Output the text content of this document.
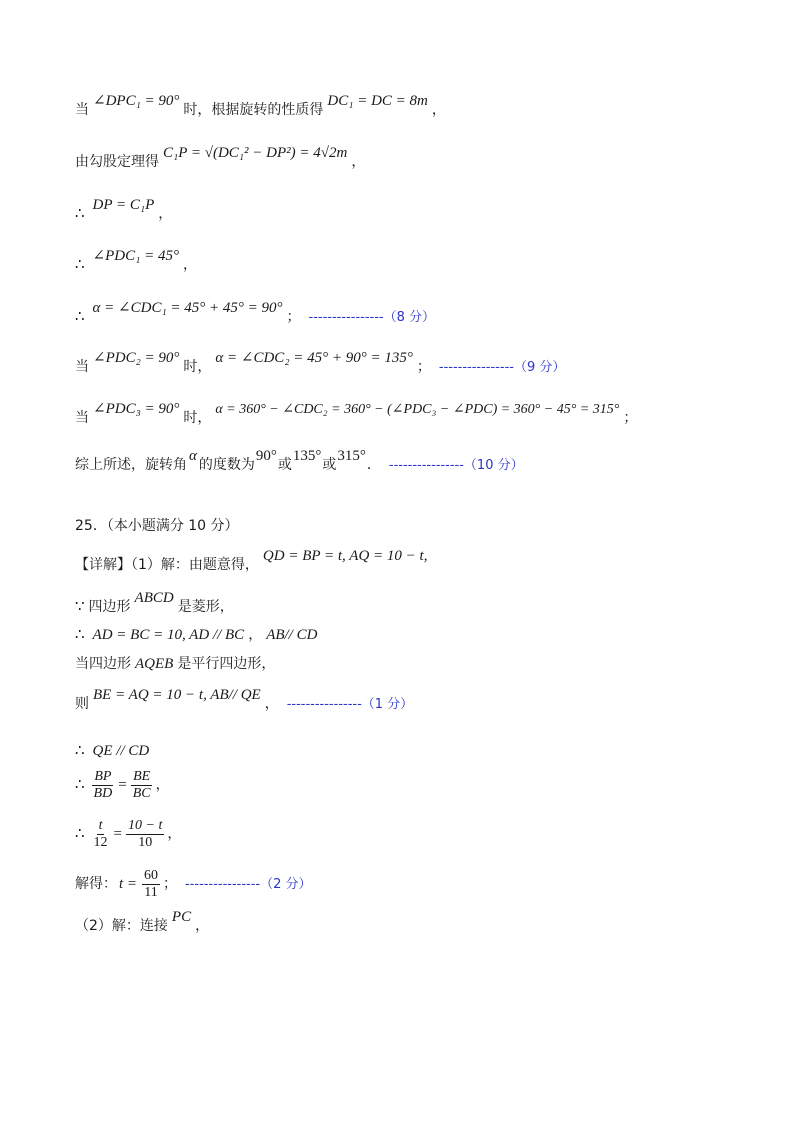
当∠DPC₁ = 90°时，根据旋转的性质得DC₁ = DC = 8m，
由勾股定理得C₁P = √(DC₁² − DP²) = 4√2m，
∴ DP = C₁P，
∴ ∠PDC₁ = 45°，
∴ α = ∠CDC₁ = 45° + 45° = 90°； ----------------（8 分）
当∠PDC₂ = 90°时，α = ∠CDC₂ = 45° + 90° = 135°； ----------------（9 分）
当∠PDC₃ = 90°时，α = 360° − ∠CDC₂ = 360° − (∠PDC₃ − ∠PDC) = 360° − 45° = 315°；
综上所述，旋转角α的度数为90°或135°或315°． ----------------（10 分）
25．（本小题满分 10 分）
【详解】（1）解：由题意得，QD = BP = t, AQ = 10 − t,
∵ 四边形ABCD是菱形，
∴ AD = BC = 10, AD // BC ， AB// CD
当四边形 AQEB 是平行四边形，
则BE = AQ = 10 − t, AB// QE， ----------------（1 分）
∴ QE // CD
∴ $\frac{BP}{BD} = \frac{BE}{BC}$ ，
∴ $\frac{t}{12} = \frac{10 - t}{10}$ ，
解得： $t = \frac{60}{11}$ ； ----------------（2 分）
（2）解：连接PC，
